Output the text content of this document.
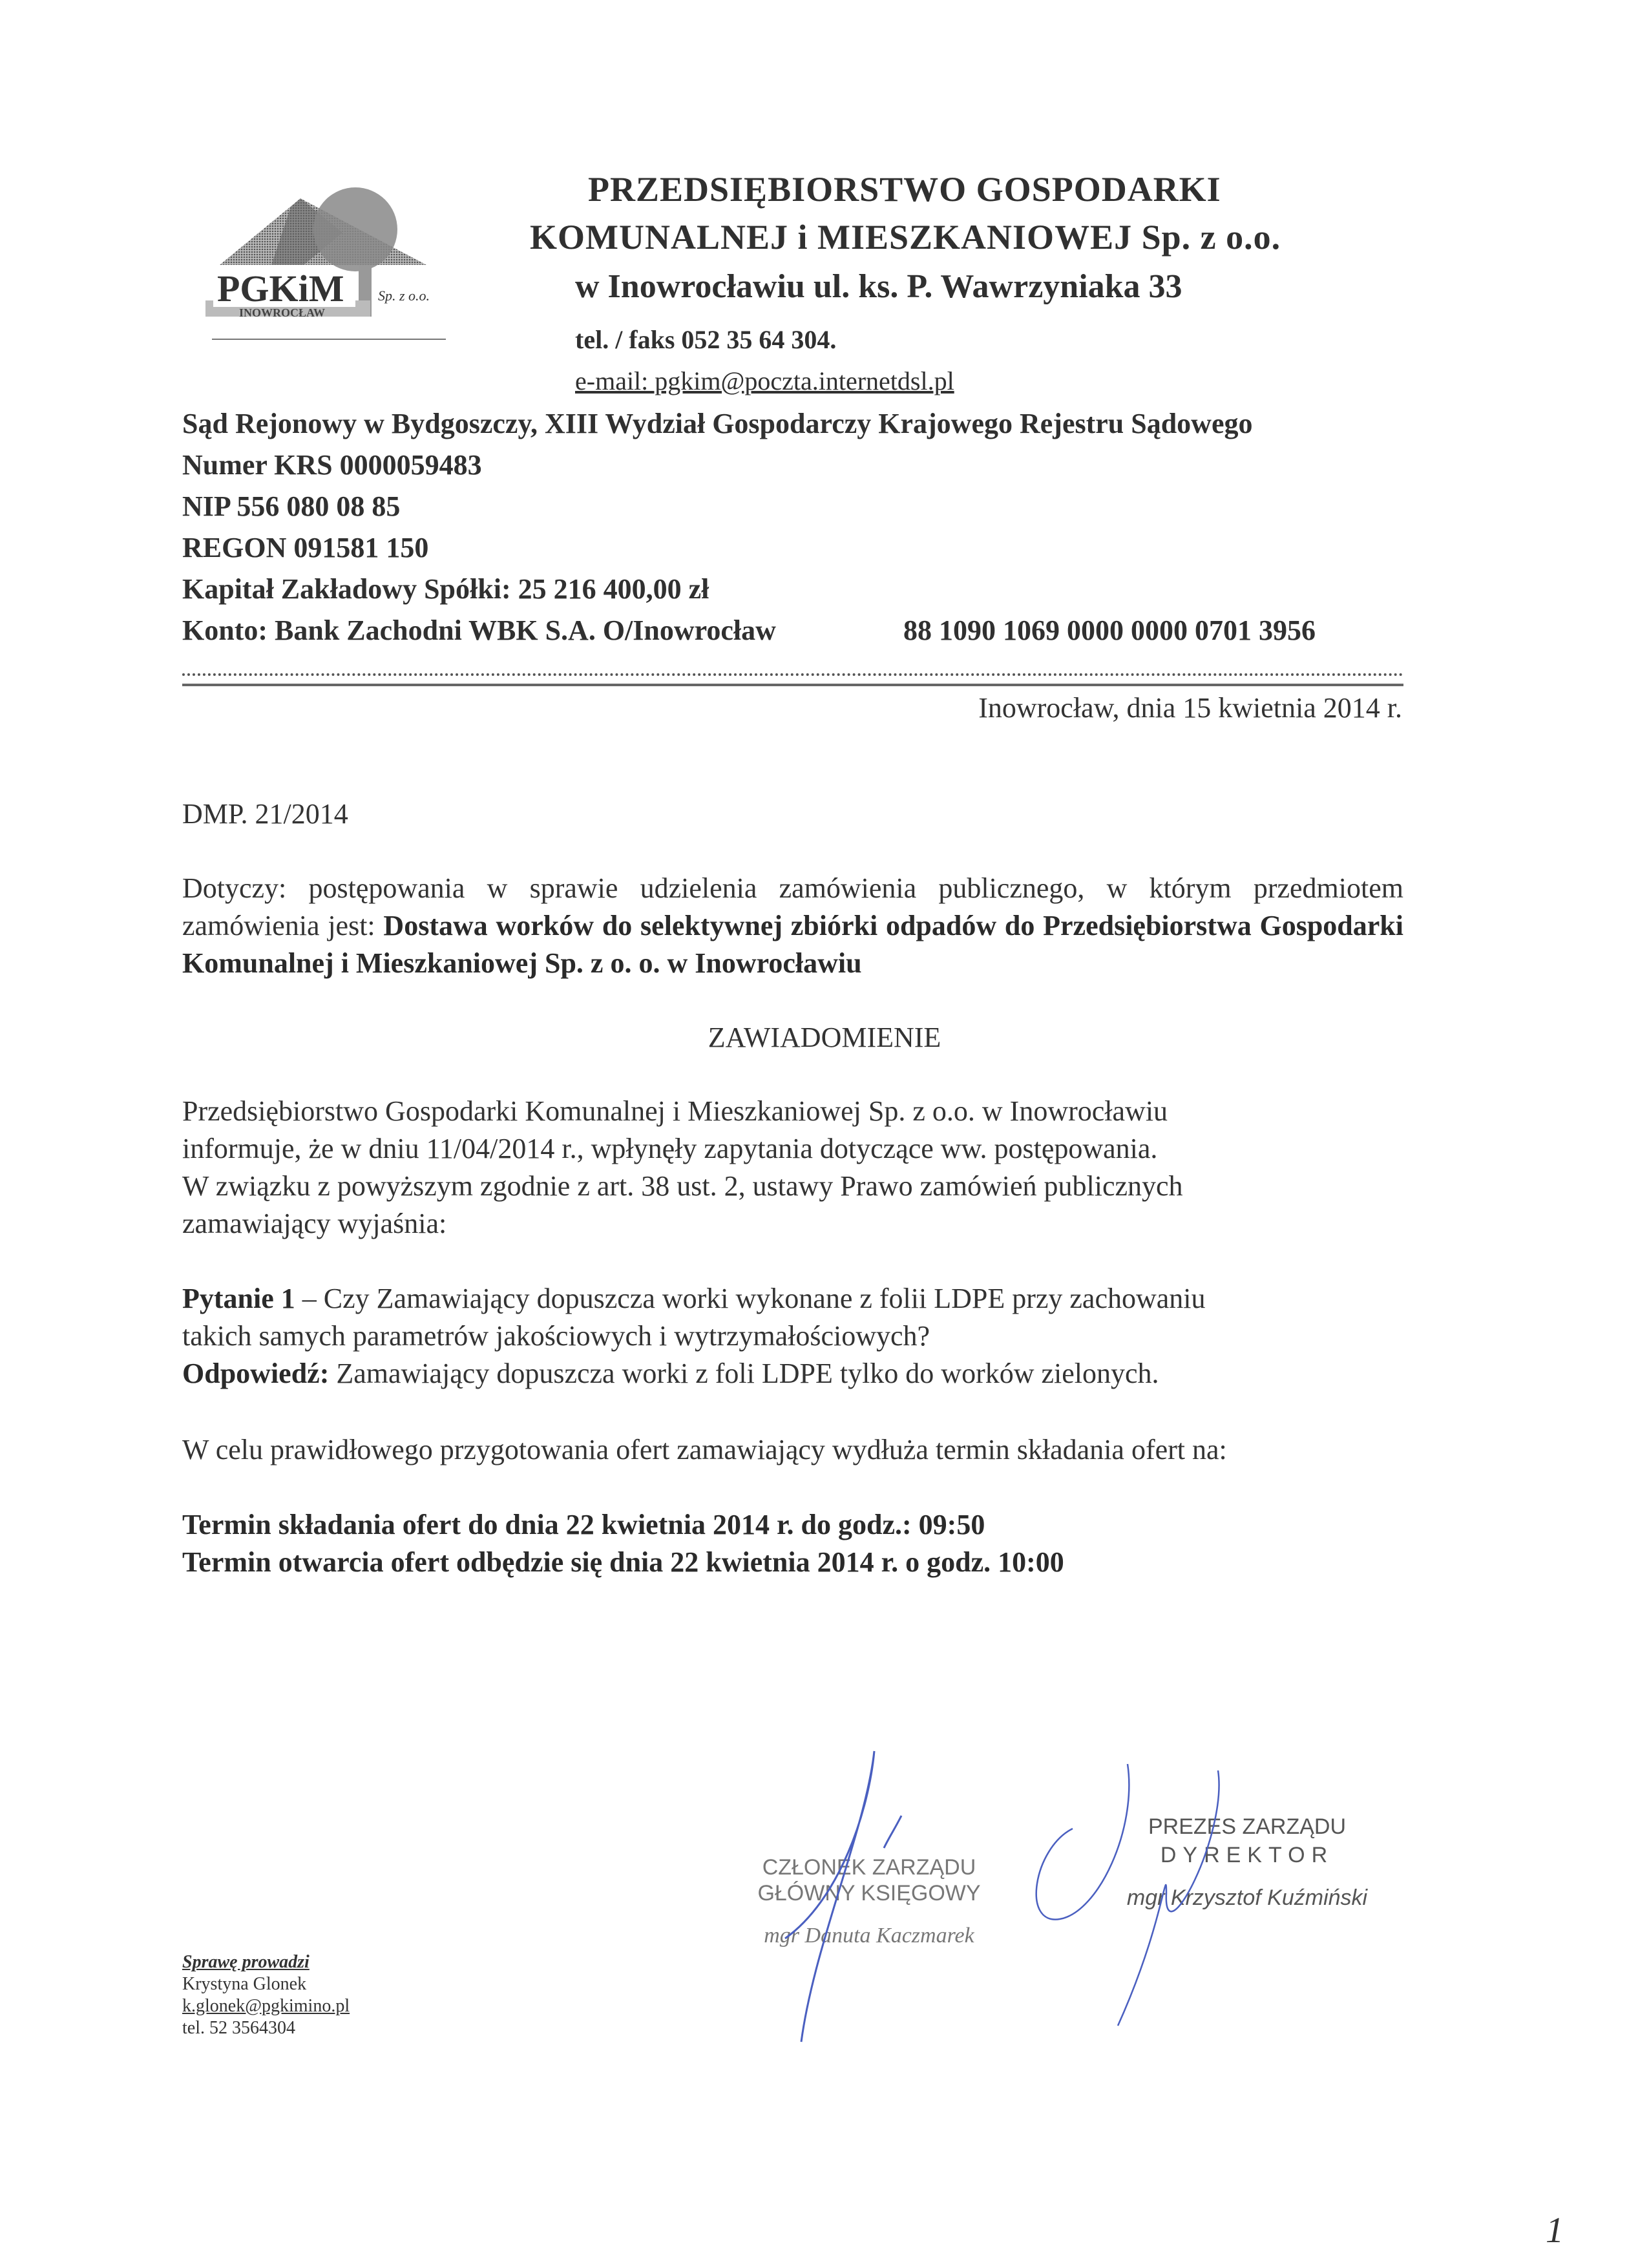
PGKiM
INOWROCŁAW
Sp. z o.o.
PRZEDSIĘBIORSTWO GOSPODARKI
KOMUNALNEJ i MIESZKANIOWEJ Sp. z o.o.
w Inowrocławiu ul. ks. P. Wawrzyniaka 33
tel. / faks 052 35 64 304.
e-mail: pgkim@poczta.internetdsl.pl
Sąd Rejonowy w Bydgoszczy, XIII Wydział Gospodarczy Krajowego Rejestru Sądowego
Numer KRS 0000059483
NIP 556 080 08 85
REGON 091581 150
Kapitał Zakładowy Spółki: 25 216 400,00 zł
Konto: Bank Zachodni WBK S.A. O/Inowrocław	88 1090 1069 0000 0000 0701 3956
Inowrocław, dnia 15 kwietnia 2014 r.
DMP. 21/2014
Dotyczy: postępowania w sprawie udzielenia zamówienia publicznego, w którym przedmiotem zamówienia jest: Dostawa worków do selektywnej zbiórki odpadów do Przedsiębiorstwa Gospodarki Komunalnej i Mieszkaniowej Sp. z o. o. w Inowrocławiu
ZAWIADOMIENIE
Przedsiębiorstwo Gospodarki Komunalnej i Mieszkaniowej Sp. z o.o. w Inowrocławiu
informuje, że w dniu 11/04/2014 r., wpłynęły zapytania dotyczące ww. postępowania.
W związku z powyższym zgodnie z art. 38 ust. 2, ustawy Prawo zamówień publicznych
zamawiający wyjaśnia:
Pytanie 1 – Czy Zamawiający dopuszcza worki wykonane z folii LDPE przy zachowaniu
takich samych parametrów jakościowych i wytrzymałościowych?
Odpowiedź: Zamawiający dopuszcza worki z foli LDPE tylko do worków zielonych.
W celu prawidłowego przygotowania ofert zamawiający wydłuża termin składania ofert na:
Termin składania ofert do dnia 22 kwietnia 2014 r. do godz.: 09:50
Termin otwarcia ofert odbędzie się dnia 22 kwietnia 2014 r. o godz. 10:00
CZŁONEK ZARZĄDU
GŁÓWNY KSIĘGOWY
mgr Danuta Kaczmarek
PREZES ZARZĄDU
DYREKTOR
mgr Krzysztof Kuźmiński
Sprawę prowadzi
Krystyna Glonek
k.glonek@pgkimino.pl
tel. 52 3564304
1
